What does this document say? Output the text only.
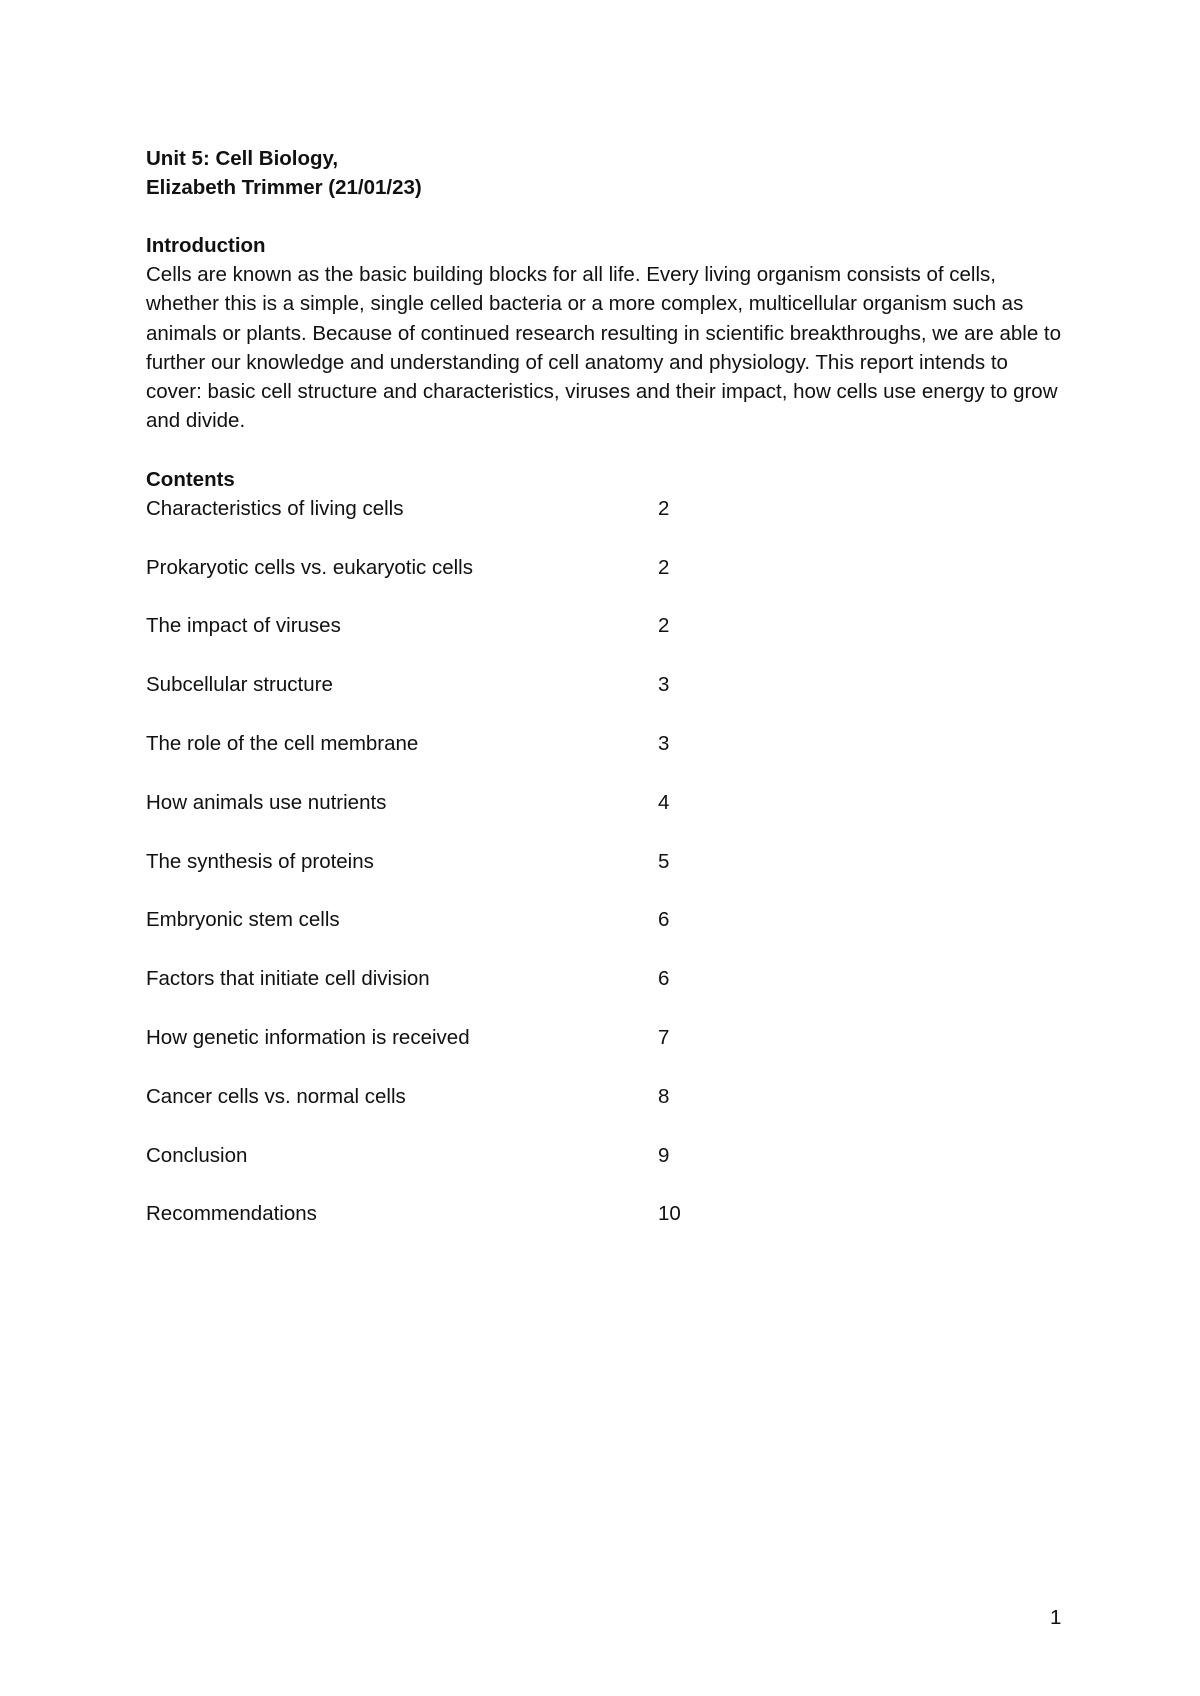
Unit 5: Cell Biology,

Elizabeth Trimmer (21/01/23)

Introduction

Cells are known as the basic building blocks for all life. Every living organism consists of cells, whether this is a simple, single celled bacteria or a more complex, multicellular organism such as animals or plants. Because of continued research resulting in scientific breakthroughs, we are able to further our knowledge and understanding of cell anatomy and physiology. This report intends to cover: basic cell structure and characteristics, viruses and their impact, how cells use energy to grow and divide.

Contents

Characteristics of living cells	2
Prokaryotic cells vs. eukaryotic cells	2
The impact of viruses	2
Subcellular structure	3
The role of the cell membrane	3
How animals use nutrients	4
The synthesis of proteins	5
Embryonic stem cells	6
Factors that initiate cell division	6
How genetic information is received	7
Cancer cells vs. normal cells	8
Conclusion	9
Recommendations	10
1
